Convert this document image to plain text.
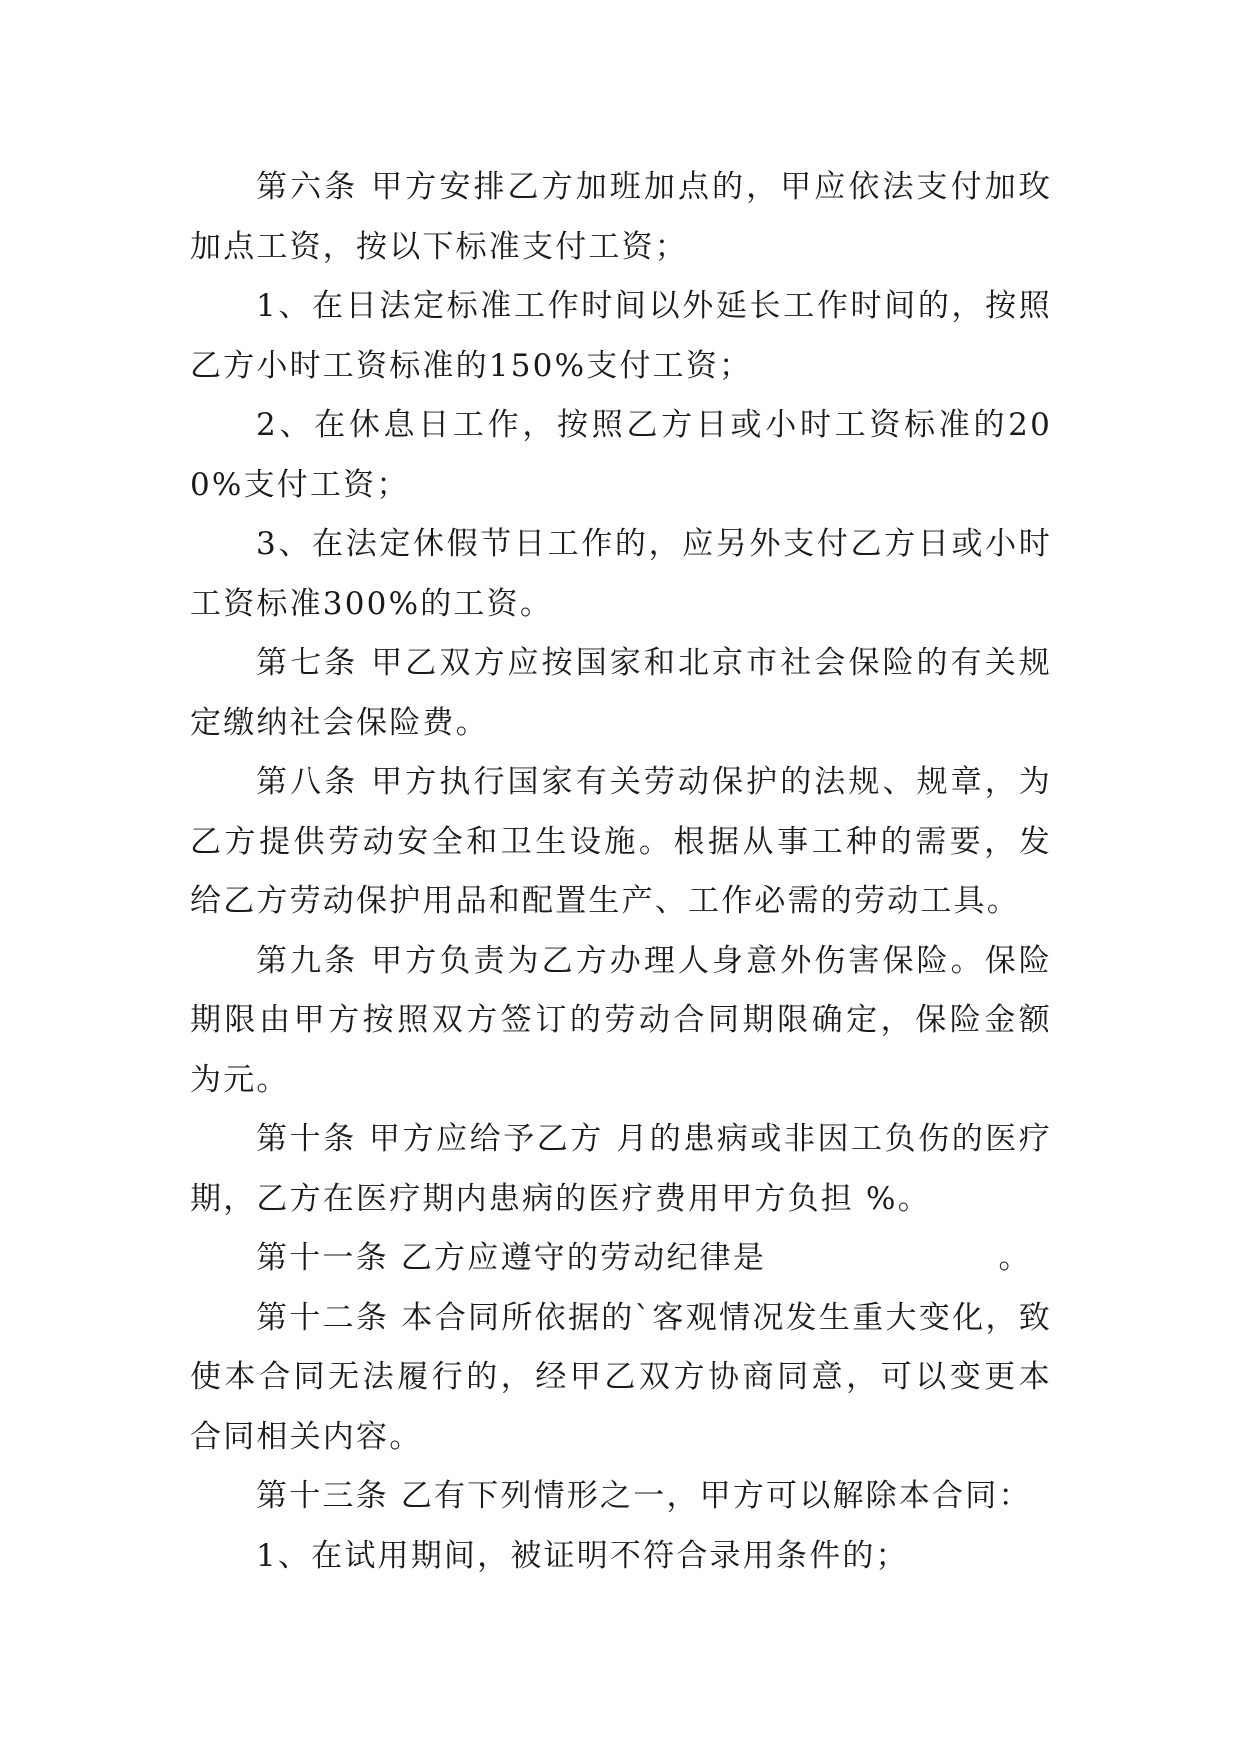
第六条 甲方安排乙方加班加点的，甲应依法支付加玫加点工资，按以下标准支付工资；

1、在日法定标准工作时间以外延长工作时间的，按照乙方小时工资标准的150%支付工资；

2、在休息日工作，按照乙方日或小时工资标准的200%支付工资；

3、在法定休假节日工作的，应另外支付乙方日或小时工资标准300%的工资。

第七条 甲乙双方应按国家和北京市社会保险的有关规定缴纳社会保险费。

第八条 甲方执行国家有关劳动保护的法规、规章，为乙方提供劳动安全和卫生设施。根据从事工种的需要，发给乙方劳动保护用品和配置生产、工作必需的劳动工具。

第九条 甲方负责为乙方办理人身意外伤害保险。保险期限由甲方按照双方签订的劳动合同期限确定，保险金额为元。

第十条 甲方应给予乙方 月的患病或非因工负伤的医疗期，乙方在医疗期内患病的医疗费用甲方负担 %。

第十一条 乙方应遵守的劳动纪律是　　　　　　　。

第十二条 本合同所依据的`客观情况发生重大变化，致使本合同无法履行的，经甲乙双方协商同意，可以变更本合同相关内容。

第十三条 乙有下列情形之一，甲方可以解除本合同：

1、在试用期间，被证明不符合录用条件的；
